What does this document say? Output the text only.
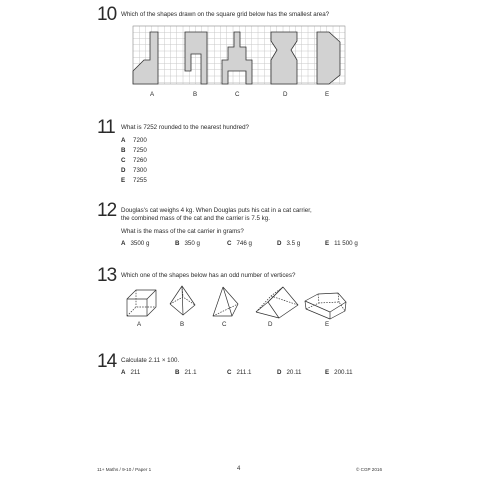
10 Which of the shapes drawn on the square grid below has the smallest area?
A	B	C	D	E
11 What is 7252 rounded to the nearest hundred?
A 7200
B 7250
C 7260
D 7300
E 7255
12 Douglas's cat weighs 4 kg. When Douglas puts his cat in a cat carrier,
the combined mass of the cat and the carrier is 7.5 kg.
What is the mass of the cat carrier in grams?
A 3500 g	B 350 g	C 746 g	D 3.5 g	E 11 500 g
13 Which one of the shapes below has an odd number of vertices?
A	B	C	D	E
14 Calculate 2.11 × 100.
A 211	B 21.1	C 211.1	D 20.11	E 200.11
11+ Maths / 9-10 / Paper 1	4	© CGP 2016
